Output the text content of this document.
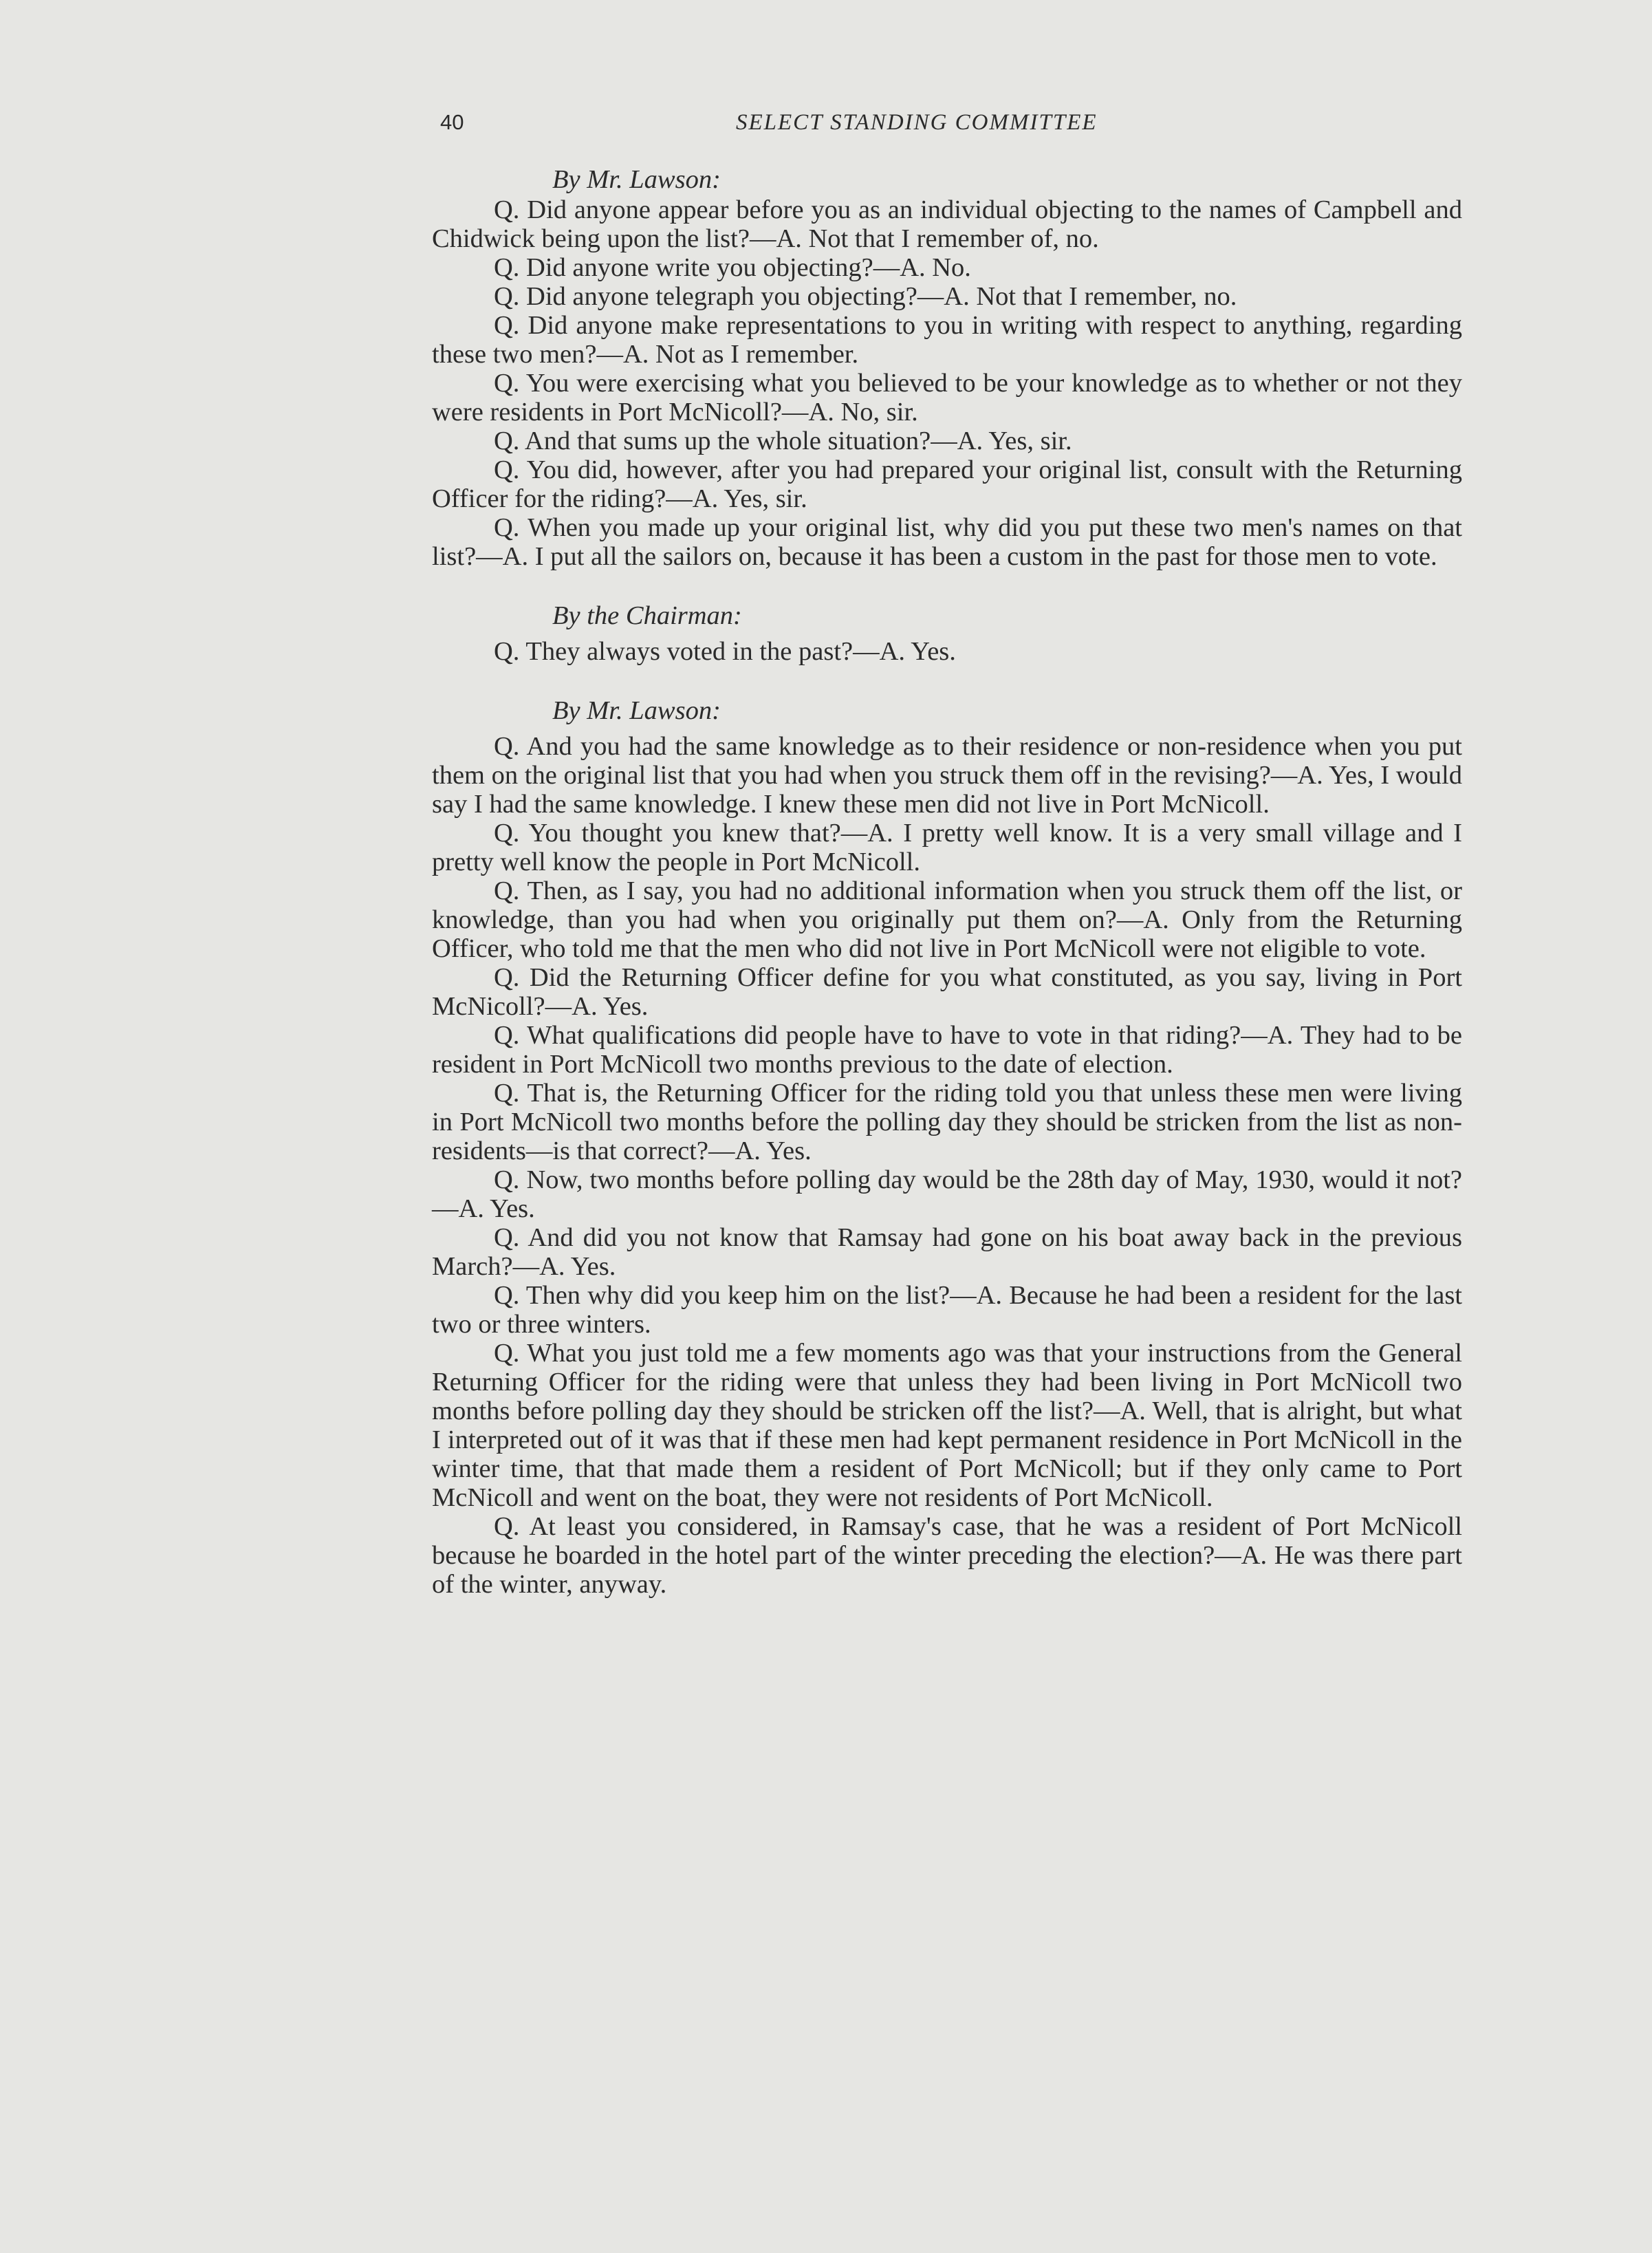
40	SELECT STANDING COMMITTEE

By Mr. Lawson:

Q. Did anyone appear before you as an individual objecting to the names of Campbell and Chidwick being upon the list?—A. Not that I remember of, no.

Q. Did anyone write you objecting?—A. No.

Q. Did anyone telegraph you objecting?—A. Not that I remember, no.

Q. Did anyone make representations to you in writing with respect to anything, regarding these two men?—A. Not as I remember.

Q. You were exercising what you believed to be your knowledge as to whether or not they were residents in Port McNicoll?—A. No, sir.

Q. And that sums up the whole situation?—A. Yes, sir.

Q. You did, however, after you had prepared your original list, consult with the Returning Officer for the riding?—A. Yes, sir.

Q. When you made up your original list, why did you put these two men's names on that list?—A. I put all the sailors on, because it has been a custom in the past for those men to vote.

By the Chairman:

Q. They always voted in the past?—A. Yes.

By Mr. Lawson:

Q. And you had the same knowledge as to their residence or non-residence when you put them on the original list that you had when you struck them off in the revising?—A. Yes, I would say I had the same knowledge. I knew these men did not live in Port McNicoll.

Q. You thought you knew that?—A. I pretty well know. It is a very small village and I pretty well know the people in Port McNicoll.

Q. Then, as I say, you had no additional information when you struck them off the list, or knowledge, than you had when you originally put them on?—A. Only from the Returning Officer, who told me that the men who did not live in Port McNicoll were not eligible to vote.

Q. Did the Returning Officer define for you what constituted, as you say, living in Port McNicoll?—A. Yes.

Q. What qualifications did people have to have to vote in that riding?—A. They had to be resident in Port McNicoll two months previous to the date of election.

Q. That is, the Returning Officer for the riding told you that unless these men were living in Port McNicoll two months before the polling day they should be stricken from the list as non-residents—is that correct?—A. Yes.

Q. Now, two months before polling day would be the 28th day of May, 1930, would it not?—A. Yes.

Q. And did you not know that Ramsay had gone on his boat away back in the previous March?—A. Yes.

Q. Then why did you keep him on the list?—A. Because he had been a resident for the last two or three winters.

Q. What you just told me a few moments ago was that your instructions from the General Returning Officer for the riding were that unless they had been living in Port McNicoll two months before polling day they should be stricken off the list?—A. Well, that is alright, but what I interpreted out of it was that if these men had kept permanent residence in Port McNicoll in the winter time, that that made them a resident of Port McNicoll; but if they only came to Port McNicoll and went on the boat, they were not residents of Port McNicoll.

Q. At least you considered, in Ramsay's case, that he was a resident of Port McNicoll because he boarded in the hotel part of the winter preceding the election?—A. He was there part of the winter, anyway.
